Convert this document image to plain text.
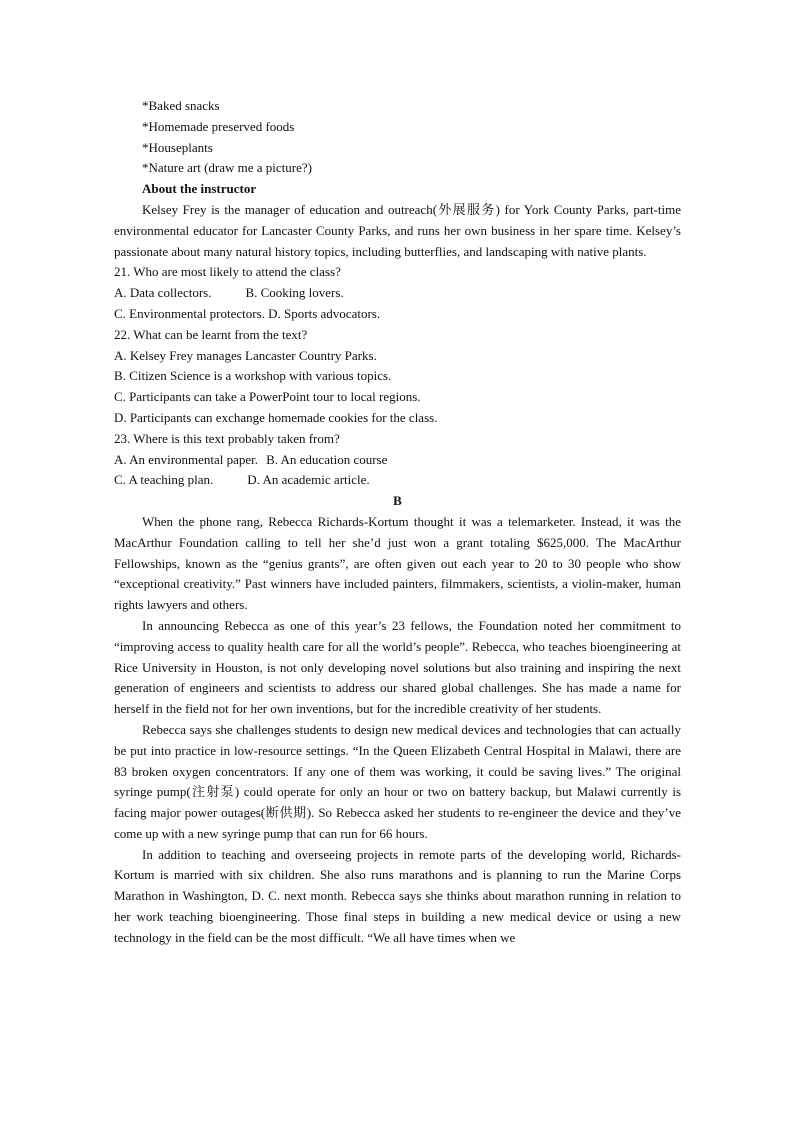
*Baked snacks
*Homemade preserved foods
*Houseplants
*Nature art (draw me a picture?)
About the instructor
Kelsey Frey is the manager of education and outreach(外展服务) for York County Parks, part-time environmental educator for Lancaster County Parks, and runs her own business in her spare time. Kelsey’s passionate about many natural history topics, including butterflies, and landscaping with native plants.
21. Who are most likely to attend the class?
A. Data collectors.	B. Cooking lovers.
C. Environmental protectors. D. Sports advocators.
22. What can be learnt from the text?
A. Kelsey Frey manages Lancaster Country Parks.
B. Citizen Science is a workshop with various topics.
C. Participants can take a PowerPoint tour to local regions.
D. Participants can exchange homemade cookies for the class.
23. Where is this text probably taken from?
A. An environmental paper. B. An education course
C. A teaching plan.	D. An academic article.
B
When the phone rang, Rebecca Richards-Kortum thought it was a telemarketer. Instead, it was the MacArthur Foundation calling to tell her she’d just won a grant totaling $625,000. The MacArthur Fellowships, known as the “genius grants”, are often given out each year to 20 to 30 people who show “exceptional creativity.” Past winners have included painters, filmmakers, scientists, a violin-maker, human rights lawyers and others.
In announcing Rebecca as one of this year’s 23 fellows, the Foundation noted her commitment to “improving access to quality health care for all the world’s people”. Rebecca, who teaches bioengineering at Rice University in Houston, is not only developing novel solutions but also training and inspiring the next generation of engineers and scientists to address our shared global challenges. She has made a name for herself in the field not for her own inventions, but for the incredible creativity of her students.
Rebecca says she challenges students to design new medical devices and technologies that can actually be put into practice in low-resource settings. “In the Queen Elizabeth Central Hospital in Malawi, there are 83 broken oxygen concentrators. If any one of them was working, it could be saving lives.” The original syringe pump(注射泵) could operate for only an hour or two on battery backup, but Malawi currently is facing major power outages(断供期). So Rebecca asked her students to re-engineer the device and they’ve come up with a new syringe pump that can run for 66 hours.
In addition to teaching and overseeing projects in remote parts of the developing world, Richards-Kortum is married with six children. She also runs marathons and is planning to run the Marine Corps Marathon in Washington, D. C. next month. Rebecca says she thinks about marathon running in relation to her work teaching bioengineering. Those final steps in building a new medical device or using a new technology in the field can be the most difficult. “We all have times when we
